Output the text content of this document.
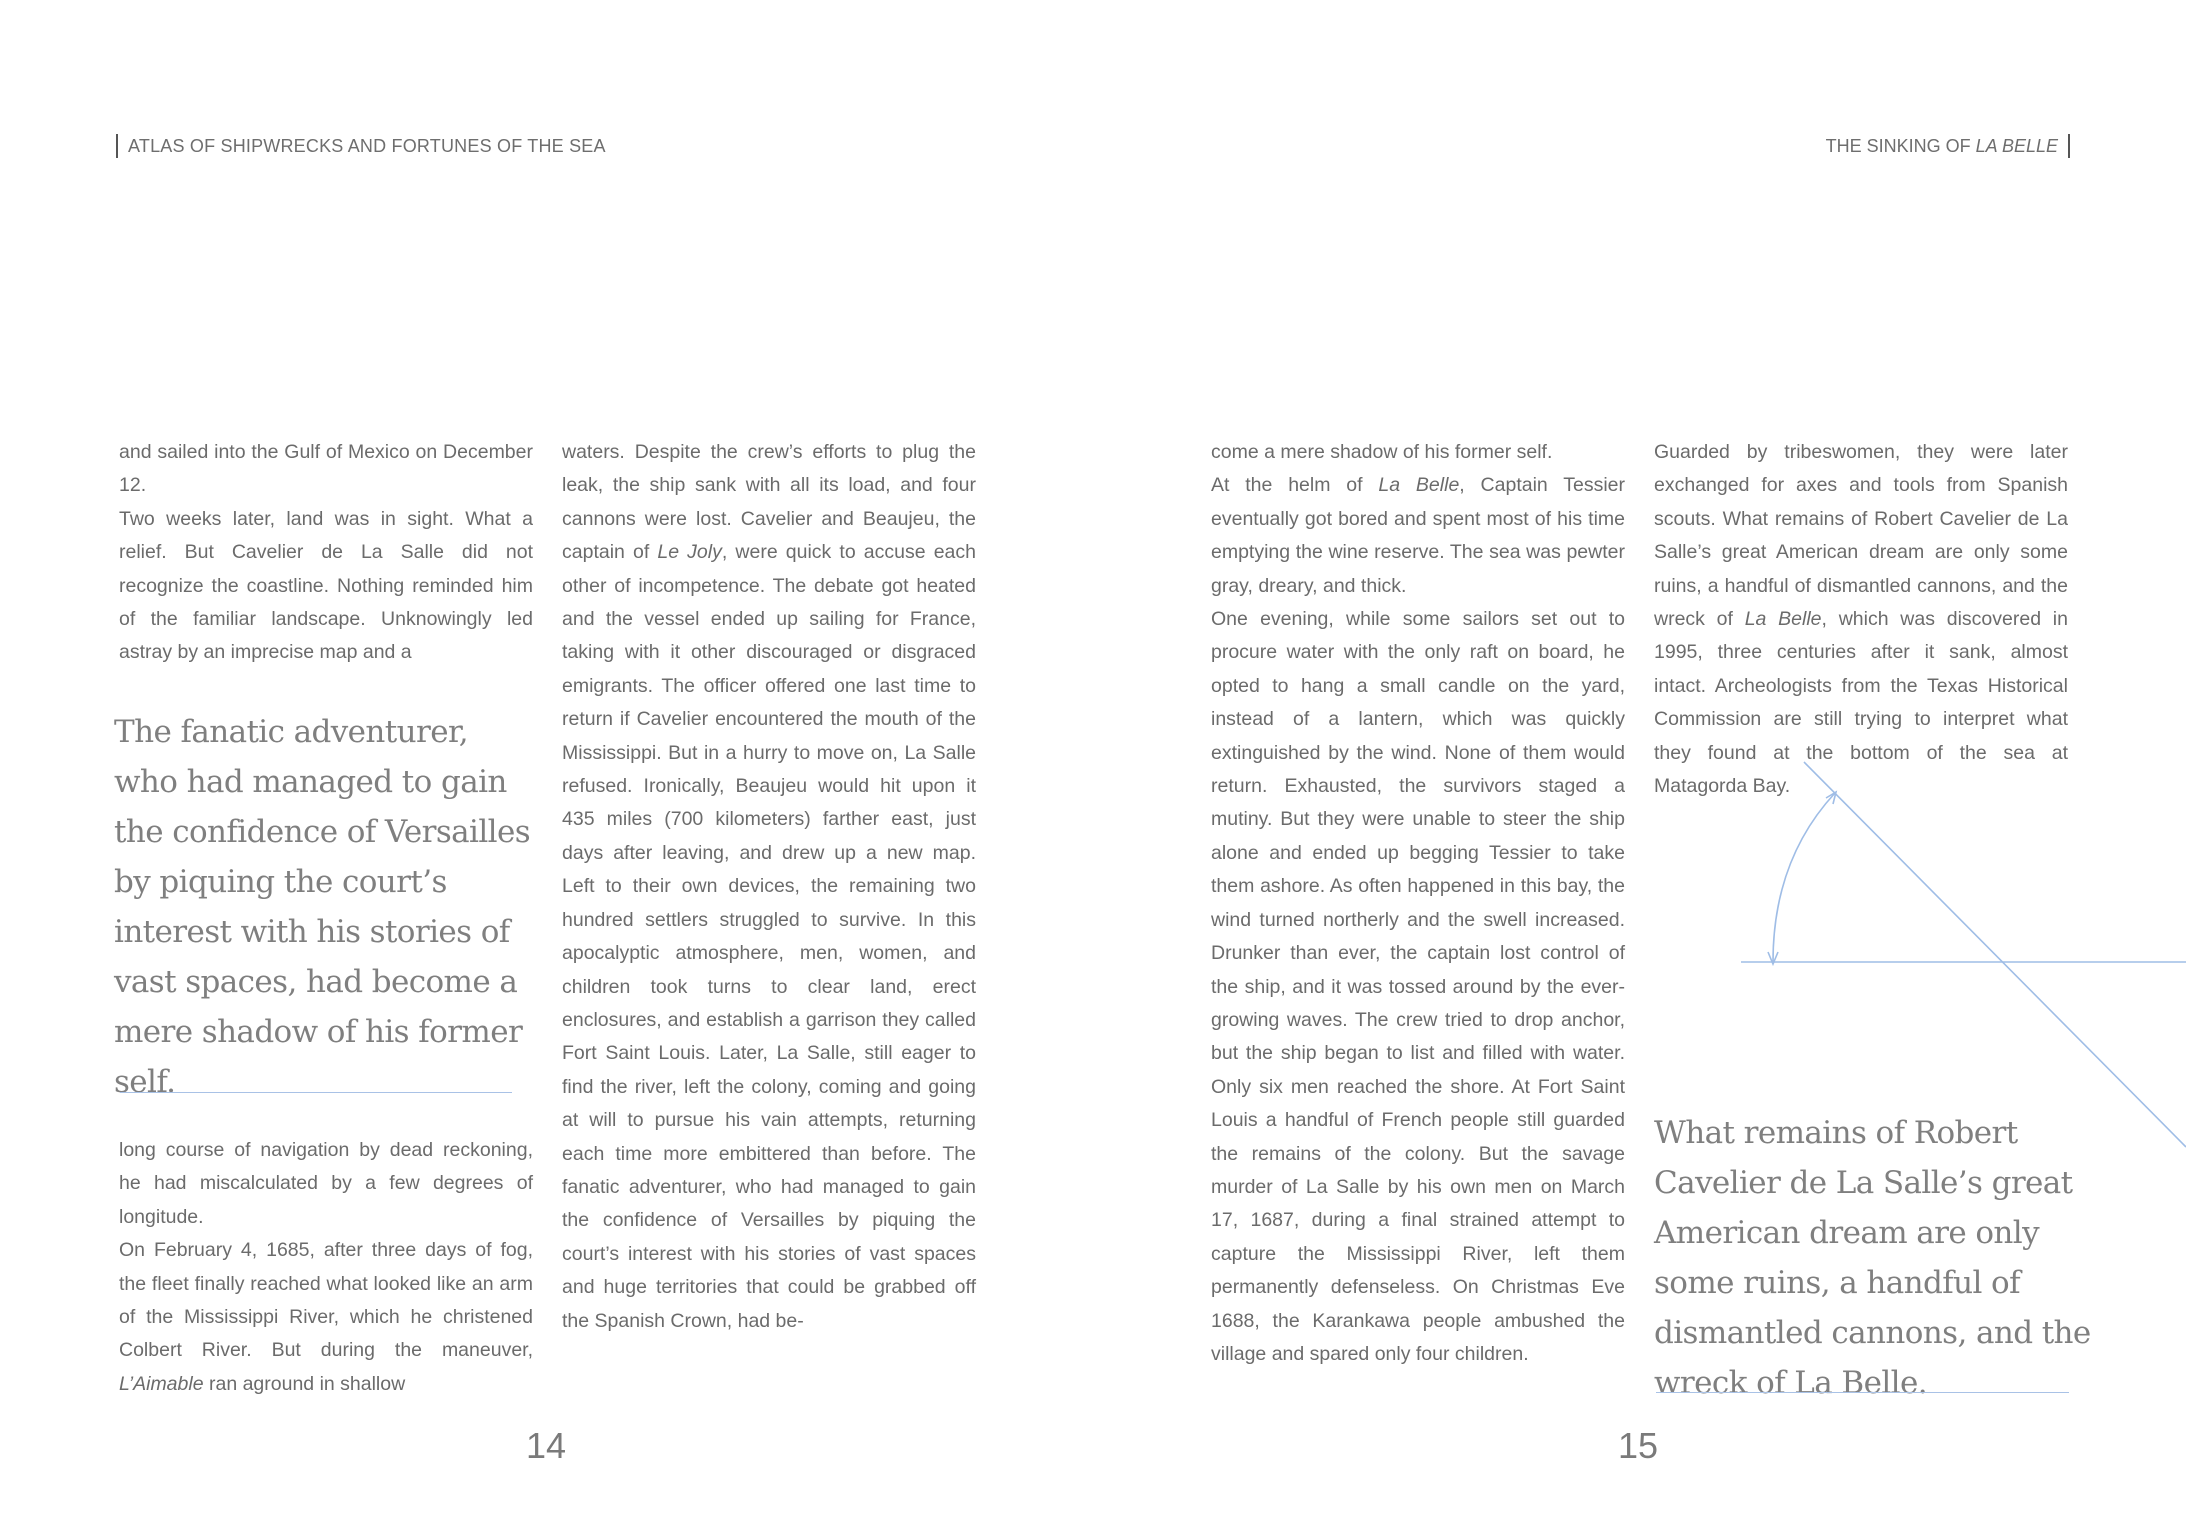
ATLAS OF SHIPWRECKS AND FORTUNES OF THE SEA

and sailed into the Gulf of Mexico on December 12.

Two weeks later, land was in sight. What a relief. But Cavelier de La Salle did not recognize the coastline. Nothing reminded him of the familiar landscape. Unknowingly led astray by an imprecise map and a

The fanatic adventurer, who had managed to gain the confidence of Versailles by piquing the court’s interest with his stories of vast spaces, had become a mere shadow of his former self.

long course of navigation by dead reckoning, he had miscalculated by a few degrees of longitude.

On February 4, 1685, after three days of fog, the fleet finally reached what looked like an arm of the Mississippi River, which he christened Colbert River. But during the maneuver, L’Aimable ran aground in shallow

waters. Despite the crew’s efforts to plug the leak, the ship sank with all its load, and four cannons were lost. Cavelier and Beaujeu, the captain of Le Joly, were quick to accuse each other of incompetence. The debate got heated and the vessel ended up sailing for France, taking with it other discouraged or disgraced emigrants. The officer offered one last time to return if Cavelier encountered the mouth of the Mississippi. But in a hurry to move on, La Salle refused. Ironically, Beaujeu would hit upon it 435 miles (700 kilometers) farther east, just days after leaving, and drew up a new map. Left to their own devices, the remaining two hundred settlers struggled to survive. In this apocalyptic atmosphere, men, women, and children took turns to clear land, erect enclosures, and establish a garrison they called Fort Saint Louis. Later, La Salle, still eager to find the river, left the colony, coming and going at will to pursue his vain attempts, returning each time more embittered than before. The fanatic adventurer, who had managed to gain the confidence of Versailles by piquing the court’s interest with his stories of vast spaces and huge territories that could be grabbed off the Spanish Crown, had be-

14
THE SINKING OF LA BELLE

come a mere shadow of his former self.

At the helm of La Belle, Captain Tessier eventually got bored and spent most of his time emptying the wine reserve. The sea was pewter gray, dreary, and thick.

One evening, while some sailors set out to procure water with the only raft on board, he opted to hang a small candle on the yard, instead of a lantern, which was quickly extinguished by the wind. None of them would return. Exhausted, the survivors staged a mutiny. But they were unable to steer the ship alone and ended up begging Tessier to take them ashore. As often happened in this bay, the wind turned northerly and the swell increased. Drunker than ever, the captain lost control of the ship, and it was tossed around by the ever-growing waves. The crew tried to drop anchor, but the ship began to list and filled with water. Only six men reached the shore. At Fort Saint Louis a handful of French people still guarded the remains of the colony. But the savage murder of La Salle by his own men on March 17, 1687, during a final strained attempt to capture the Mississippi River, left them permanently defenseless. On Christmas Eve 1688, the Karankawa people ambushed the village and spared only four children.

Guarded by tribeswomen, they were later exchanged for axes and tools from Spanish scouts. What remains of Robert Cavelier de La Salle’s great American dream are only some ruins, a handful of dismantled cannons, and the wreck of La Belle, which was discovered in 1995, three centuries after it sank, almost intact. Archeologists from the Texas Historical Commission are still trying to interpret what they found at the bottom of the sea at Matagorda Bay.

What remains of Robert Cavelier de La Salle’s great American dream are only some ruins, a handful of dismantled cannons, and the wreck of La Belle.
15
